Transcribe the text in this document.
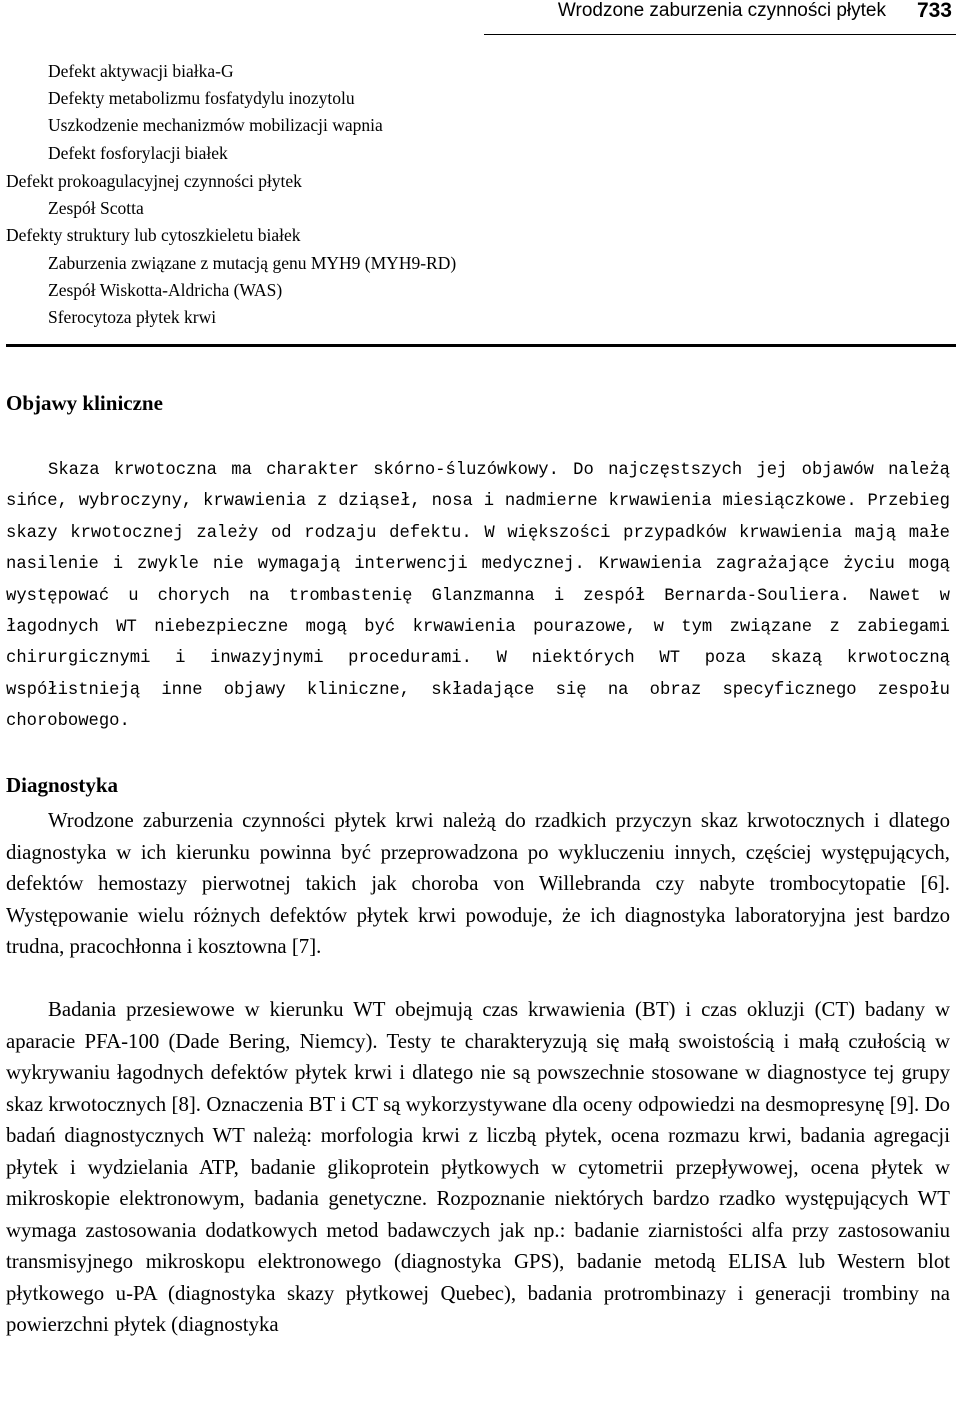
Wrodzone zaburzenia czynności płytek 733
Defekt aktywacji białka-G
Defekty metabolizmu fosfatydylu inozytolu
Uszkodzenie mechanizmów mobilizacji wapnia
Defekt fosforylacji białek
Defekt prokoagulacyjnej czynności płytek
Zespół Scotta
Defekty struktury lub cytoszkieletu białek
Zaburzenia związane z mutacją genu MYH9 (MYH9-RD)
Zespół Wiskotta-Aldricha (WAS)
Sferocytoza płytek krwi
Objawy kliniczne
Skaza krwotoczna ma charakter skórno-śluzówkowy. Do najczęstszych jej objawów należą sińce, wybroczyny, krwawienia z dziąseł, nosa i nadmierne krwawienia miesiączkowe. Przebieg skazy krwotocznej zależy od rodzaju defektu. W większości przypadków krwawienia mają małe nasilenie i zwykle nie wymagają interwencji medycznej. Krwawienia zagrażające życiu mogą występować u chorych na trombastenię Glanzmanna i zespół Bernarda-Souliera. Nawet w łagodnych WT niebezpieczne mogą być krwawienia pourazowe, w tym związane z zabiegami chirurgicznymi i inwazyjnymi procedurami. W niektórych WT poza skazą krwotoczną współistnieją inne objawy kliniczne, składające się na obraz specyficznego zespołu chorobowego.
Diagnostyka
Wrodzone zaburzenia czynności płytek krwi należą do rzadkich przyczyn skaz krwotocznych i dlatego diagnostyka w ich kierunku powinna być przeprowadzona po wykluczeniu innych, częściej występujących, defektów hemostazy pierwotnej takich jak choroba von Willebranda czy nabyte trombocytopatie [6]. Występowanie wielu różnych defektów płytek krwi powoduje, że ich diagnostyka laboratoryjna jest bardzo trudna, pracochłonna i kosztowna [7].
Badania przesiewowe w kierunku WT obejmują czas krwawienia (BT) i czas okluzji (CT) badany w aparacie PFA-100 (Dade Bering, Niemcy). Testy te charakteryzują się małą swoistością i małą czułością w wykrywaniu łagodnych defektów płytek krwi i dlatego nie są powszechnie stosowane w diagnostyce tej grupy skaz krwotocznych [8]. Oznaczenia BT i CT są wykorzystywane dla oceny odpowiedzi na desmopresynę [9]. Do badań diagnostycznych WT należą: morfologia krwi z liczbą płytek, ocena rozmazu krwi, badania agregacji płytek i wydzielania ATP, badanie glikoprotein płytkowych w cytometrii przepływowej, ocena płytek w mikroskopie elektronowym, badania genetyczne. Rozpoznanie niektórych bardzo rzadko występujących WT wymaga zastosowania dodatkowych metod badawczych jak np.: badanie ziarnistości alfa przy zastosowaniu transmisyjnego mikroskopu elektronowego (diagnostyka GPS), badanie metodą ELISA lub Western blot płytkowego u-PA (diagnostyka skazy płytkowej Quebec), badania protrombinazy i generacji trombiny na powierzchni płytek (diagnostyka
